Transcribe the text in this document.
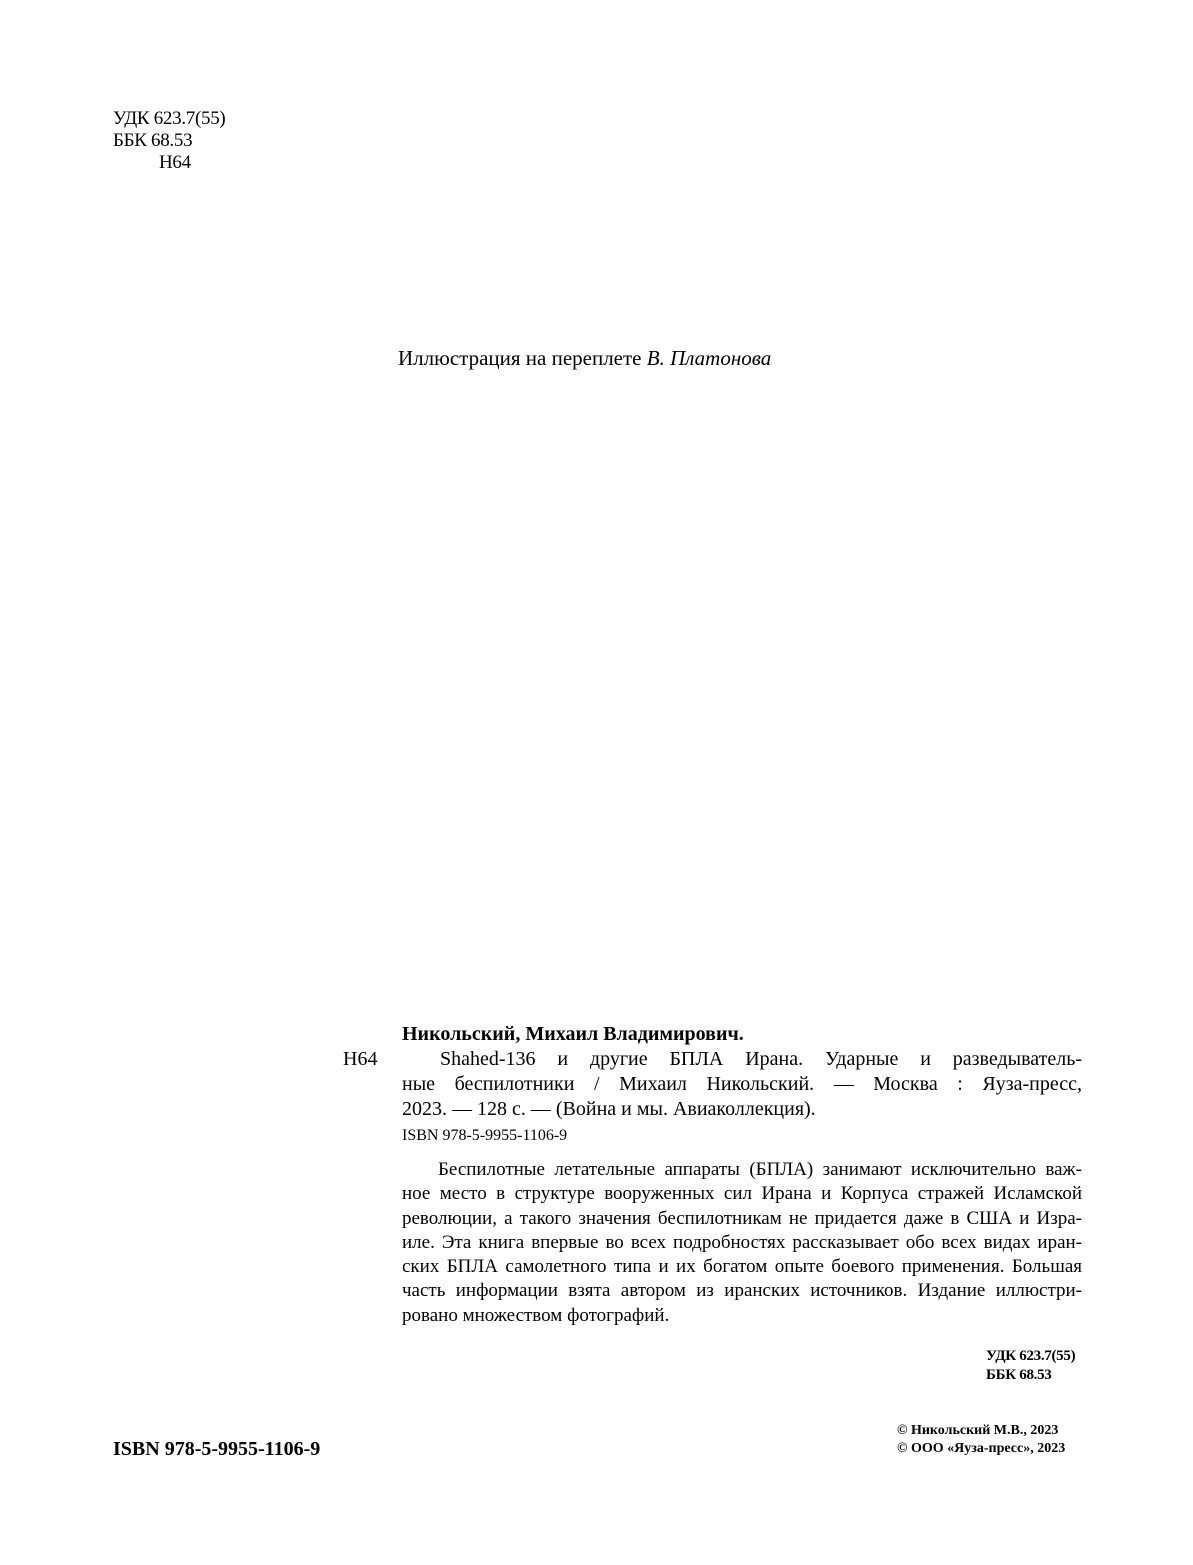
УДК 623.7(55)
ББК 68.53
Н64
Иллюстрация на переплете В. Платонова
Никольский, Михаил Владимирович.
Н64	Shahed-136 и другие БПЛА Ирана. Ударные и разведыватель-
ные беспилотники / Михаил Никольский. — Москва : Яуза-пресс,
2023. — 128 с. — (Война и мы. Авиаколлекция).
ISBN 978-5-9955-1106-9
Беспилотные летательные аппараты (БПЛА) занимают исключительно важ-
ное место в структуре вооруженных сил Ирана и Корпуса стражей Исламской
революции, а такого значения беспилотникам не придается даже в США и Изра-
иле. Эта книга впервые во всех подробностях рассказывает обо всех видах иран-
ских БПЛА самолетного типа и их богатом опыте боевого применения. Большая
часть информации взята автором из иранских источников. Издание иллюстри-
ровано множеством фотографий.
УДК 623.7(55)
ББК 68.53
ISBN 978-5-9955-1106-9
© Никольский М.В., 2023
© ООО «Яуза-пресс», 2023
